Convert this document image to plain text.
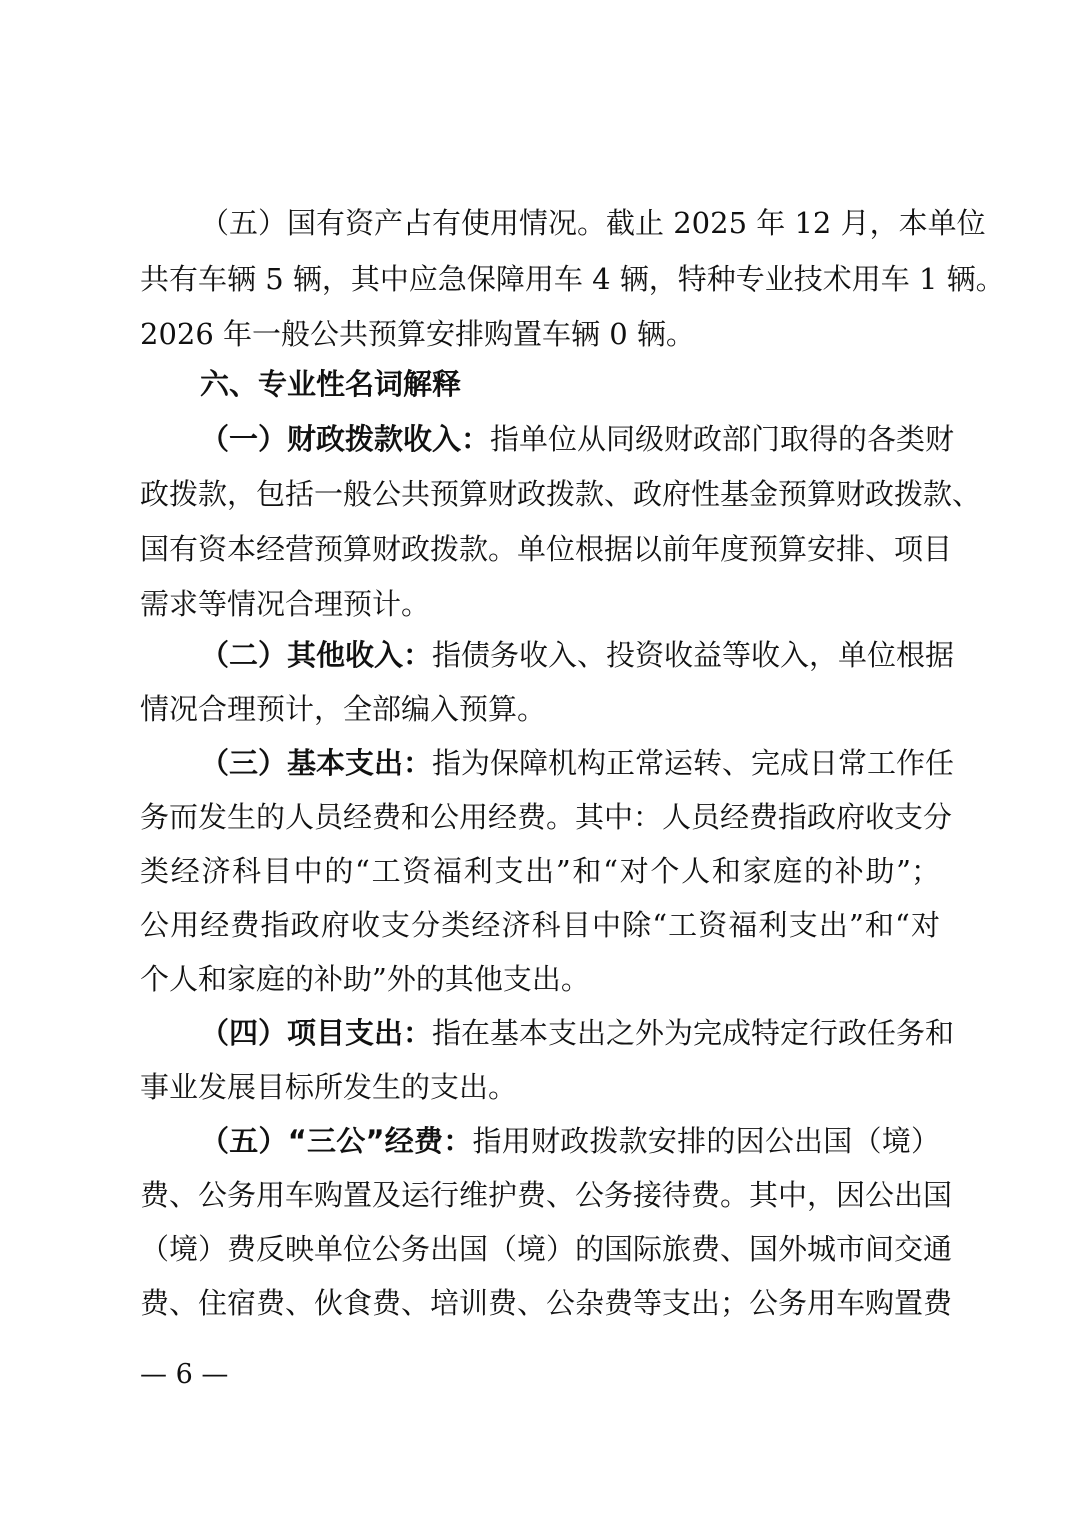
（五）国有资产占有使用情况。截止 2025 年 12 月，本单位
共有车辆 5 辆，其中应急保障用车 4 辆，特种专业技术用车 1 辆。
2026 年一般公共预算安排购置车辆 0 辆。
六、专业性名词解释
（一）财政拨款收入：指单位从同级财政部门取得的各类财
政拨款，包括一般公共预算财政拨款、政府性基金预算财政拨款、
国有资本经营预算财政拨款。单位根据以前年度预算安排、项目
需求等情况合理预计。
（二）其他收入：指债务收入、投资收益等收入，单位根据
情况合理预计，全部编入预算。
（三）基本支出：指为保障机构正常运转、完成日常工作任
务而发生的人员经费和公用经费。其中：人员经费指政府收支分
类经济科目中的“工资福利支出”和“对个人和家庭的补助”；
公用经费指政府收支分类经济科目中除“工资福利支出”和“对
个人和家庭的补助”外的其他支出。
（四）项目支出：指在基本支出之外为完成特定行政任务和
事业发展目标所发生的支出。
（五）“三公”经费：指用财政拨款安排的因公出国（境）
费、公务用车购置及运行维护费、公务接待费。其中，因公出国
（境）费反映单位公务出国（境）的国际旅费、国外城市间交通
费、住宿费、伙食费、培训费、公杂费等支出；公务用车购置费
— 6 —
